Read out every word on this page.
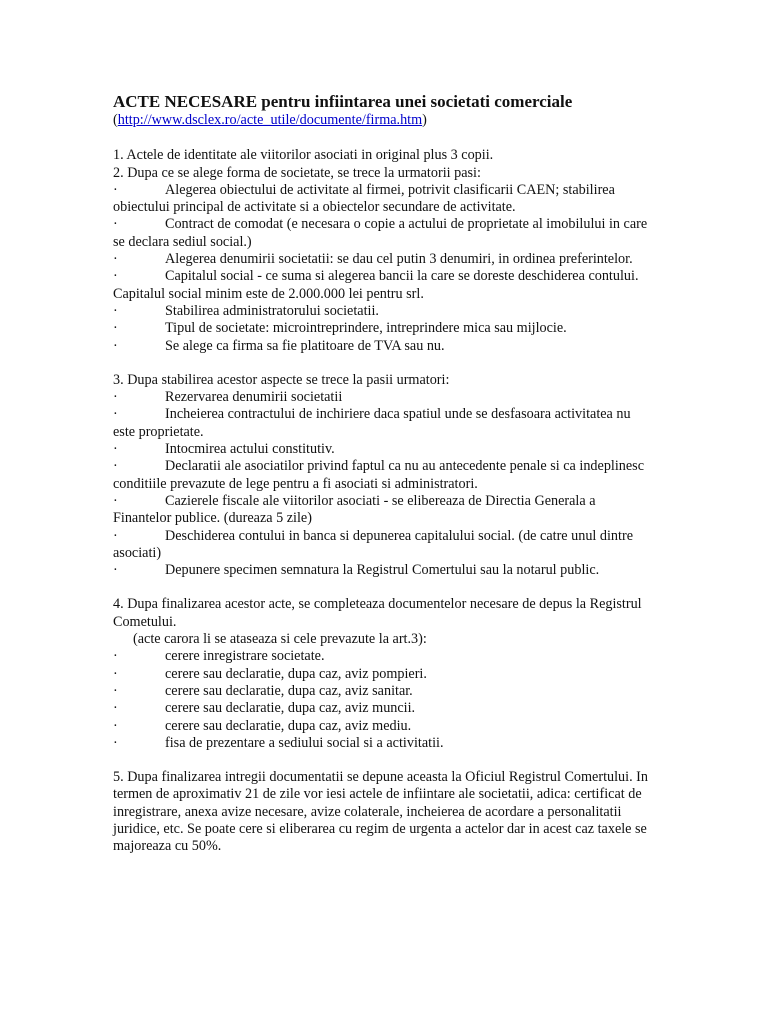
ACTE NECESARE pentru infiintarea unei societati comerciale

(http://www.dsclex.ro/acte_utile/documente/firma.htm)

1. Actele de identitate ale viitorilor asociati in original plus 3 copii.

2. Dupa ce se alege forma de societate, se trece la urmatorii pasi:

·	Alegerea obiectului de activitate al firmei, potrivit clasificarii CAEN; stabilirea obiectului principal de activitate si a obiectelor secundare de activitate.

·	Contract de comodat (e necesara o copie a actului de proprietate al imobilului in care se declara sediul social.)

·	Alegerea denumirii societatii: se dau cel putin 3 denumiri, in ordinea preferintelor.

·	Capitalul social - ce suma si alegerea bancii la care se doreste deschiderea contului. Capitalul social minim este de 2.000.000 lei pentru srl.

·	Stabilirea administratorului societatii.

·	Tipul de societate: microintreprindere, intreprindere mica sau mijlocie.

·	Se alege ca firma sa fie platitoare de TVA sau nu.

3. Dupa stabilirea acestor aspecte se trece la pasii urmatori:

·	Rezervarea denumirii societatii

·	Incheierea contractului de inchiriere daca spatiul unde se desfasoara activitatea nu este proprietate.

·	Intocmirea actului constitutiv.

·	Declaratii ale asociatilor privind faptul ca nu au antecedente penale si ca indeplinesc conditiile prevazute de lege pentru a fi asociati si administratori.

·	Cazierele fiscale ale viitorilor asociati - se elibereaza de Directia Generala a Finantelor publice. (dureaza 5 zile)

·	Deschiderea contului in banca si depunerea capitalului social. (de catre unul dintre asociati)

·	Depunere specimen semnatura la Registrul Comertului sau la notarul public.

4. Dupa finalizarea acestor acte, se completeaza documentelor necesare de depus la Registrul Cometului.

(acte carora li se ataseaza si cele prevazute la art.3):

·	cerere inregistrare societate.

·	cerere sau declaratie, dupa caz, aviz pompieri.

·	cerere sau declaratie, dupa caz, aviz sanitar.

·	cerere sau declaratie, dupa caz, aviz muncii.

·	cerere sau declaratie, dupa caz, aviz mediu.

·	fisa de prezentare a sediului social si a activitatii.

5. Dupa finalizarea intregii documentatii se depune aceasta la Oficiul Registrul Comertului. In termen de aproximativ 21 de zile vor iesi actele de infiintare ale societatii, adica: certificat de inregistrare, anexa avize necesare, avize colaterale, incheierea de acordare a personalitatii juridice, etc. Se poate cere si eliberarea cu regim de urgenta a actelor dar in acest caz taxele se majoreaza cu 50%.
